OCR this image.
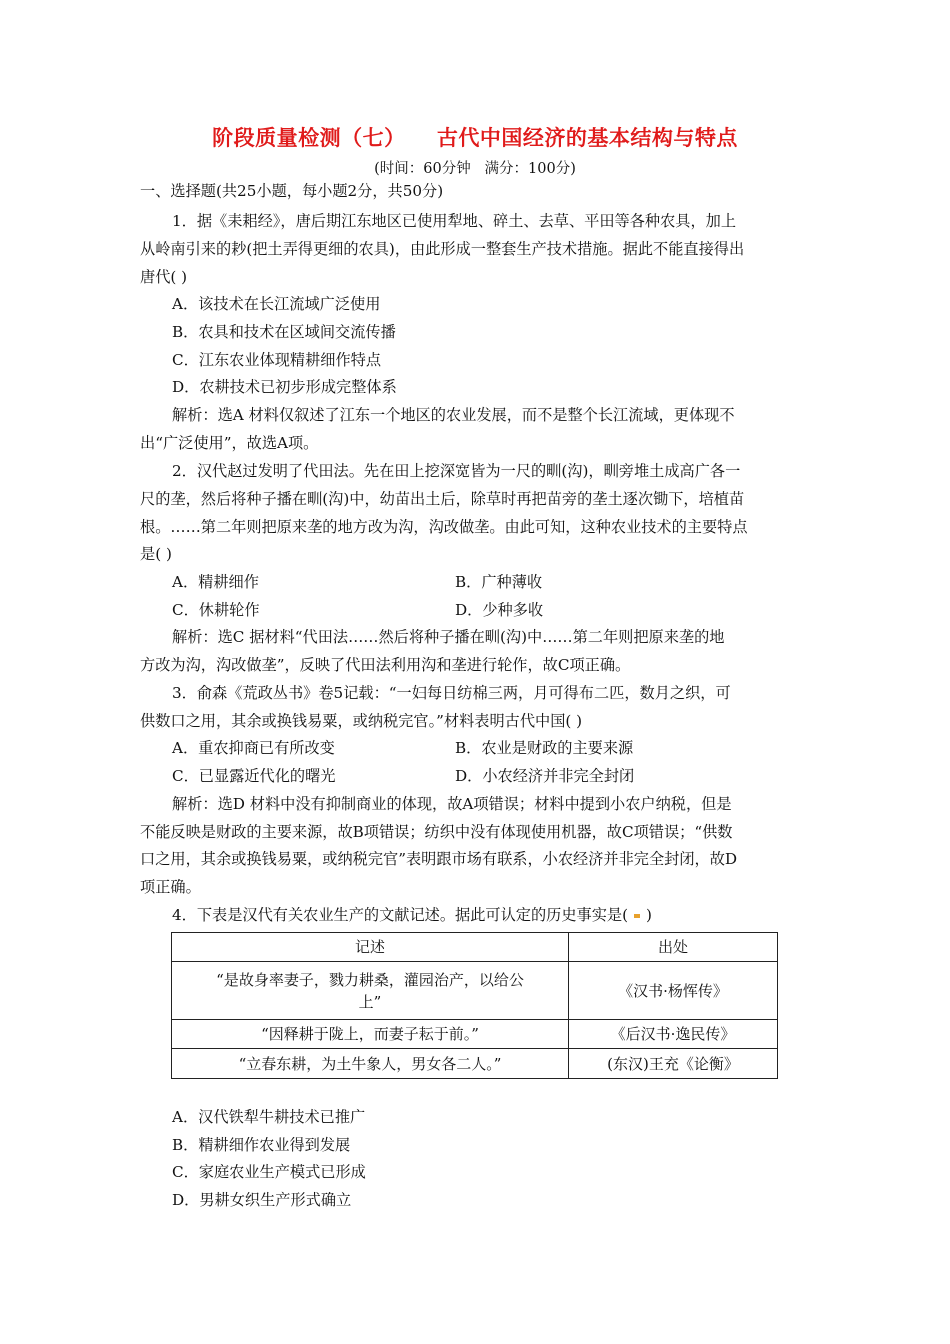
阶段质量检测（七）    古代中国经济的基本结构与特点
(时间：60分钟   满分：100分)
一、选择题(共25小题，每小题2分，共50分)
1．据《耒耜经》，唐后期江东地区已使用犁地、碎土、去草、平田等各种农具，加上
从岭南引来的耖(把土弄得更细的农具)，由此形成一整套生产技术措施。据此不能直接得出
唐代( )
A．该技术在长江流域广泛使用
B．农具和技术在区域间交流传播
C．江东农业体现精耕细作特点
D．农耕技术已初步形成完整体系
解析：选A 材料仅叙述了江东一个地区的农业发展，而不是整个长江流域，更体现不
出“广泛使用”，故选A项。
2．汉代赵过发明了代田法。先在田上挖深宽皆为一尺的甽(沟)，甽旁堆土成高广各一
尺的垄，然后将种子播在甽(沟)中，幼苗出土后，除草时再把苗旁的垄土逐次锄下，培植苗
根。……第二年则把原来垄的地方改为沟，沟改做垄。由此可知，这种农业技术的主要特点
是( )
A．精耕细作	B．广种薄收
C．休耕轮作	D．少种多收
解析：选C 据材料“代田法……然后将种子播在甽(沟)中……第二年则把原来垄的地
方改为沟，沟改做垄”，反映了代田法利用沟和垄进行轮作，故C项正确。
3．俞森《荒政丛书》卷5记载：“一妇每日纺棉三两，月可得布二匹，数月之织，可
供数口之用，其余或换钱易粟，或纳税完官。”材料表明古代中国( )
A．重农抑商已有所改变	B．农业是财政的主要来源
C．已显露近代化的曙光	D．小农经济并非完全封闭
解析：选D 材料中没有抑制商业的体现，故A项错误；材料中提到小农户纳税，但是
不能反映是财政的主要来源，故B项错误；纺织中没有体现使用机器，故C项错误；“供数
口之用，其余或换钱易粟，或纳税完官”表明跟市场有联系，小农经济并非完全封闭，故D
项正确。
4．下表是汉代有关农业生产的文献记述。据此可认定的历史事实是( )
记述	出处

“是故身率妻子，戮力耕桑，灌园治产，以给公
上”	《汉书·杨恽传》
“因释耕于陇上，而妻子耘于前。”	《后汉书·逸民传》
“立春东耕，为土牛象人，男女各二人。”	(东汉)王充《论衡》
A．汉代铁犁牛耕技术已推广
B．精耕细作农业得到发展
C．家庭农业生产模式已形成
D．男耕女织生产形式确立
